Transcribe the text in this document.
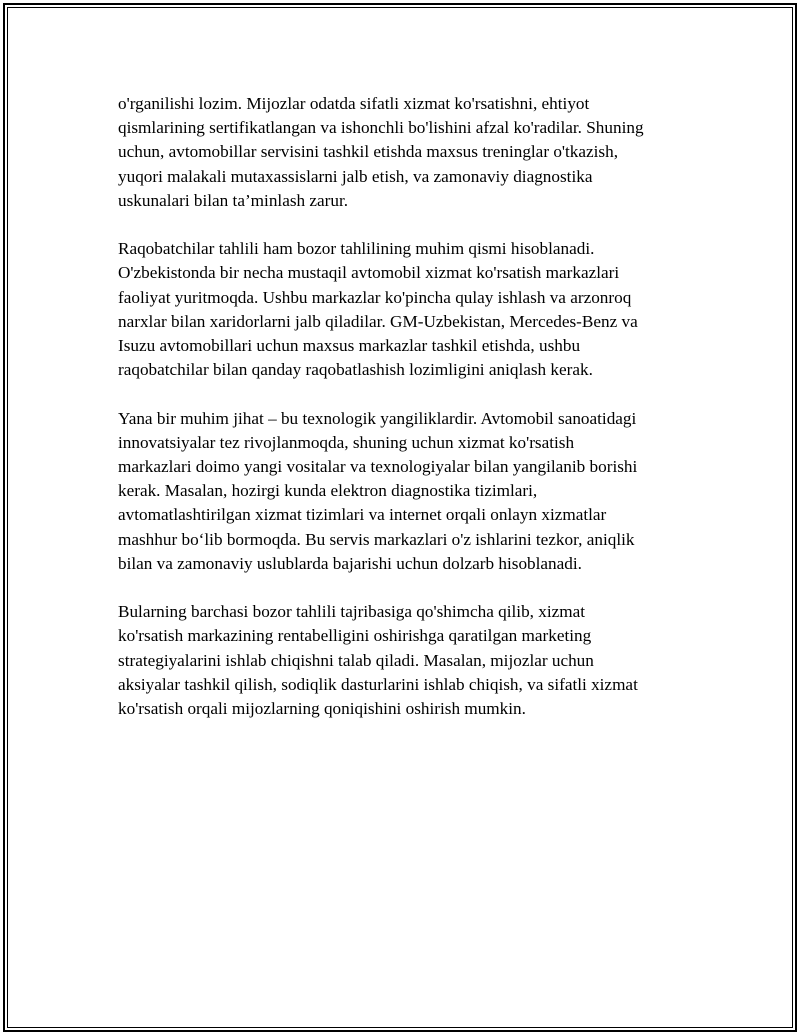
o'rganilishi lozim. Mijozlar odatda sifatli xizmat ko'rsatishni, ehtiyot
qismlarining sertifikatlangan va ishonchli bo'lishini afzal ko'radilar. Shuning
uchun, avtomobillar servisini tashkil etishda maxsus treninglar o'tkazish,
yuqori malakali mutaxassislarni jalb etish, va zamonaviy diagnostika
uskunalari bilan ta’minlash zarur.

Raqobatchilar tahlili ham bozor tahlilining muhim qismi hisoblanadi.
O'zbekistonda bir necha mustaqil avtomobil xizmat ko'rsatish markazlari
faoliyat yuritmoqda. Ushbu markazlar ko'pincha qulay ishlash va arzonroq
narxlar bilan xaridorlarni jalb qiladilar. GM-Uzbekistan, Mercedes-Benz va
Isuzu avtomobillari uchun maxsus markazlar tashkil etishda, ushbu
raqobatchilar bilan qanday raqobatlashish lozimligini aniqlash kerak.

Yana bir muhim jihat – bu texnologik yangiliklardir. Avtomobil sanoatidagi
innovatsiyalar tez rivojlanmoqda, shuning uchun xizmat ko'rsatish
markazlari doimo yangi vositalar va texnologiyalar bilan yangilanib borishi
kerak. Masalan, hozirgi kunda elektron diagnostika tizimlari,
avtomatlashtirilgan xizmat tizimlari va internet orqali onlayn xizmatlar
mashhur bo‘lib bormoqda. Bu servis markazlari o'z ishlarini tezkor, aniqlik
bilan va zamonaviy uslublarda bajarishi uchun dolzarb hisoblanadi.

Bularning barchasi bozor tahlili tajribasiga qo'shimcha qilib, xizmat
ko'rsatish markazining rentabelligini oshirishga qaratilgan marketing
strategiyalarini ishlab chiqishni talab qiladi. Masalan, mijozlar uchun
aksiyalar tashkil qilish, sodiqlik dasturlarini ishlab chiqish, va sifatli xizmat
ko'rsatish orqali mijozlarning qoniqishini oshirish mumkin.
